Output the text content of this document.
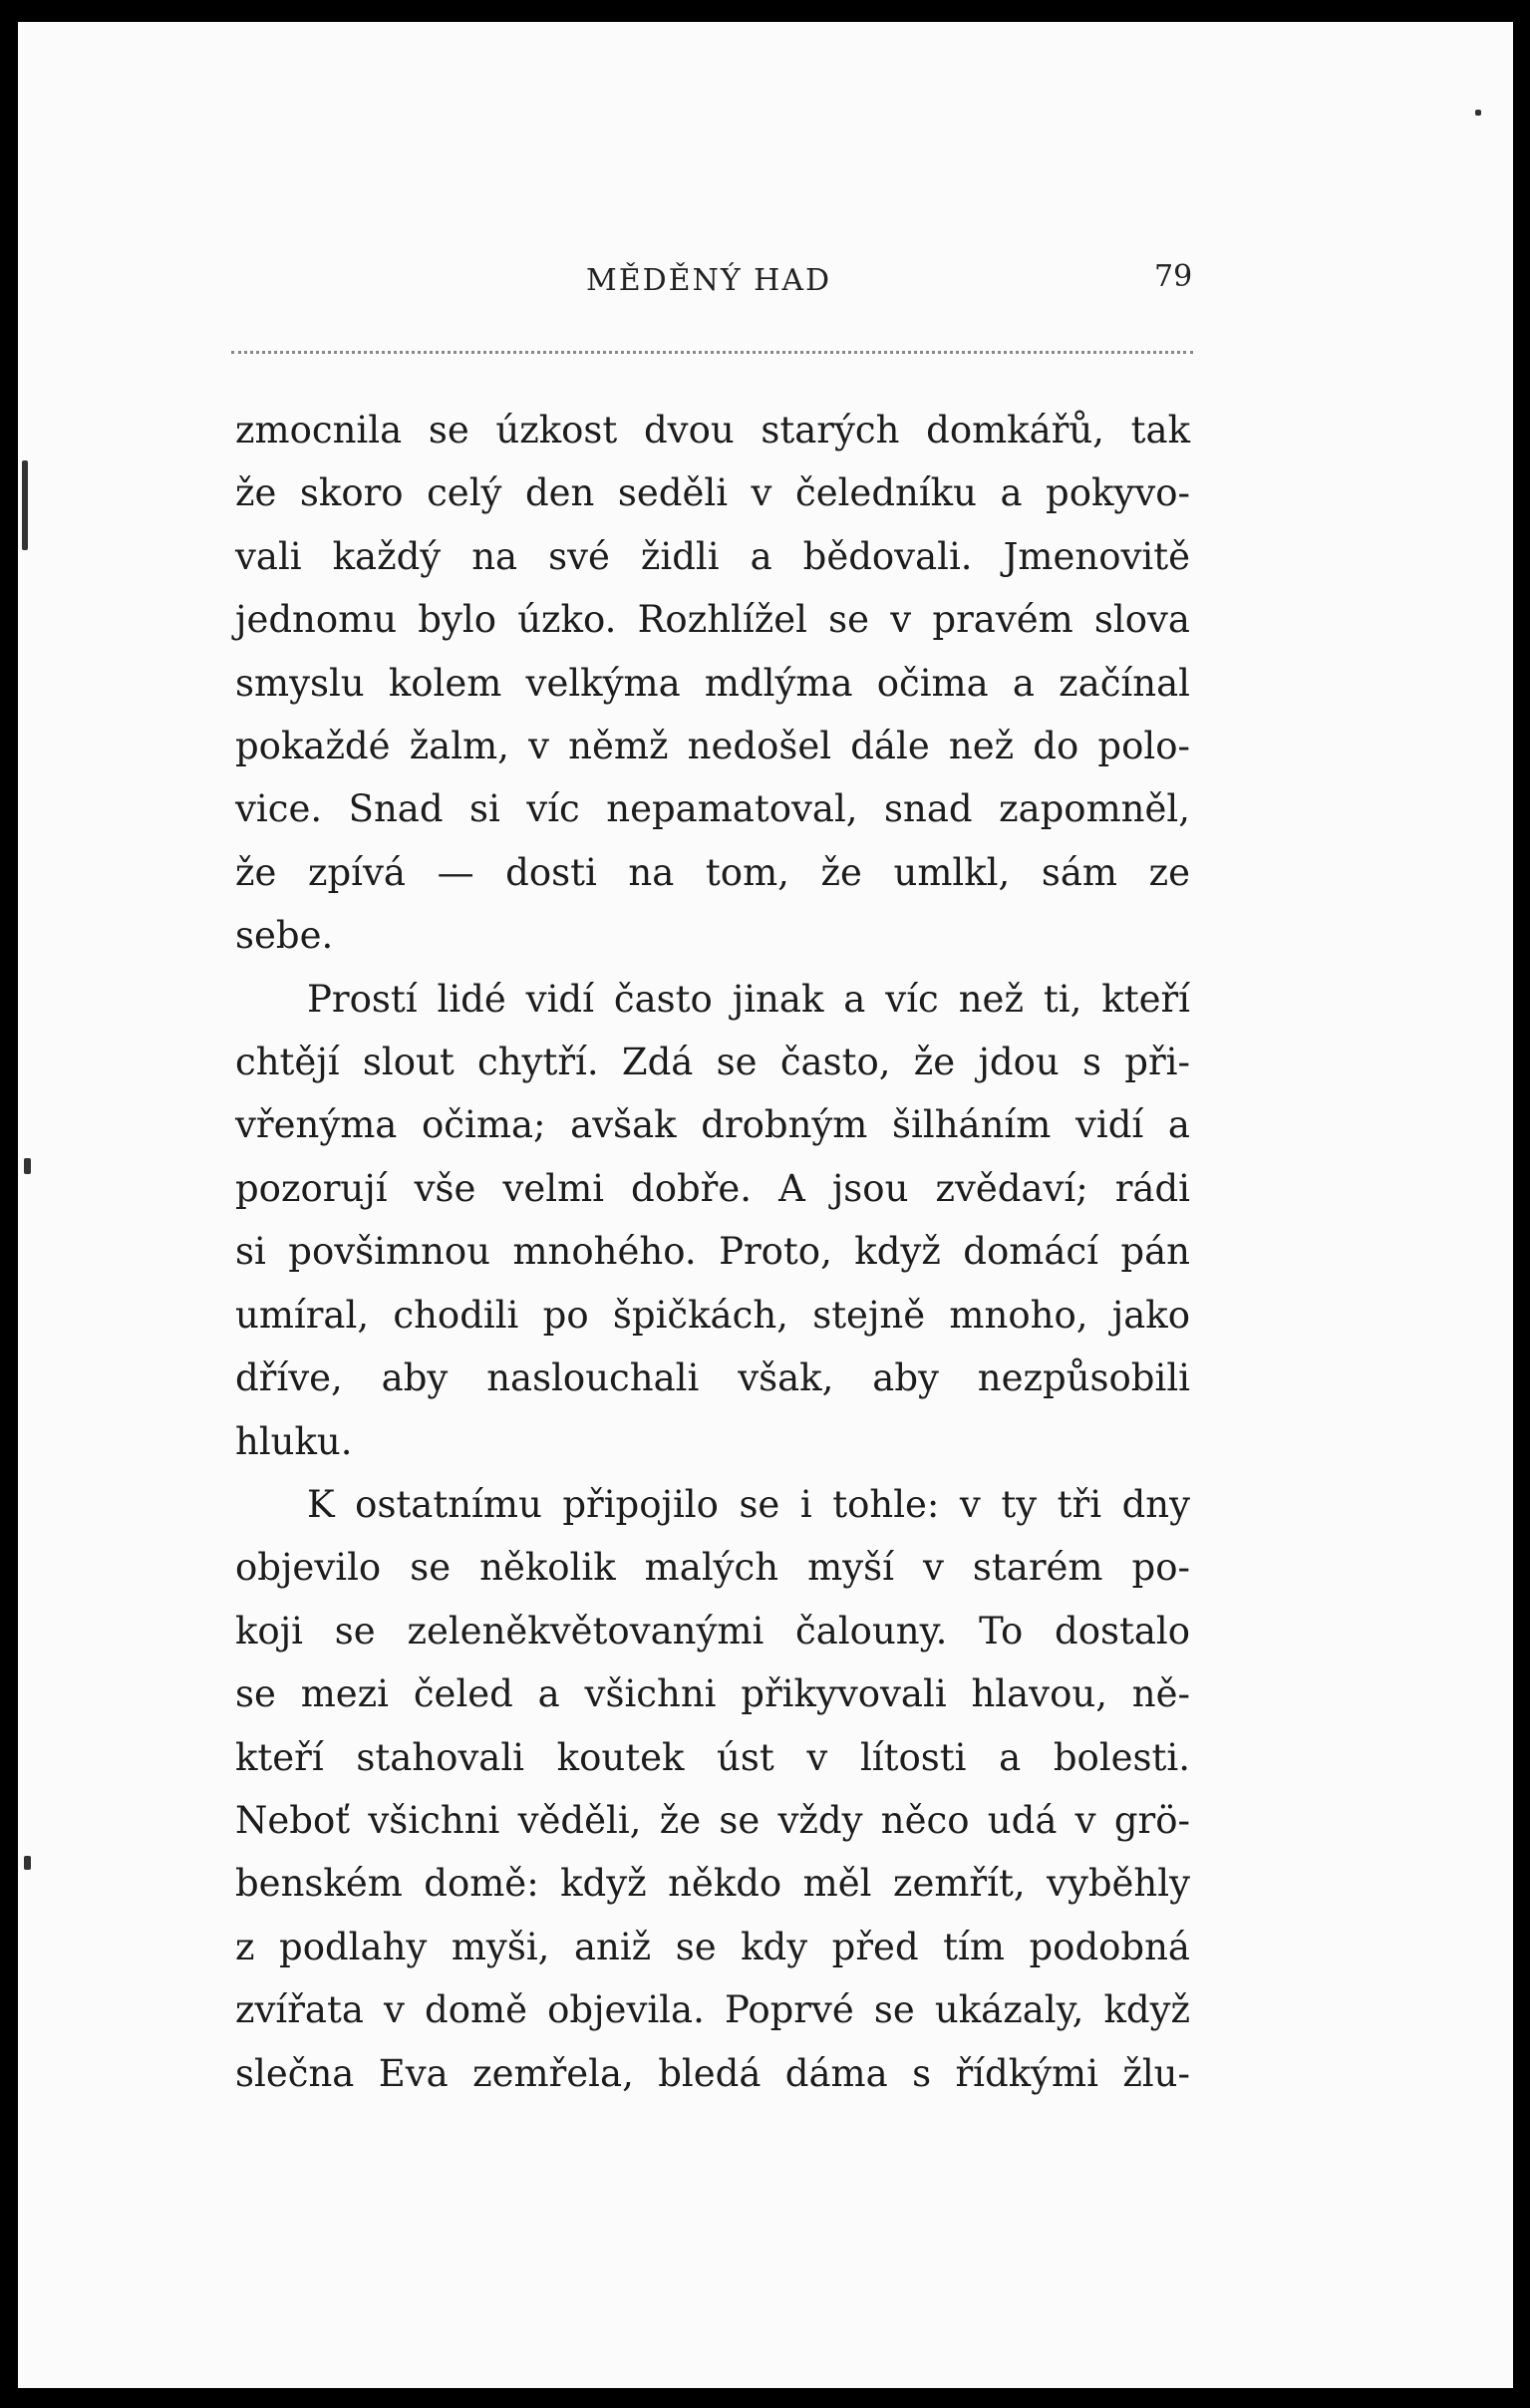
MĚDĚNÝ HAD	79

zmocnila se úzkost dvou starých domkářů, tak
že skoro celý den seděli v čeledníku a pokyvo-
vali každý na své židli a bědovali. Jmenovitě
jednomu bylo úzko. Rozhlížel se v pravém slova
smyslu kolem velkýma mdlýma očima a začínal
pokaždé žalm, v němž nedošel dále než do polo-
vice. Snad si víc nepamatoval, snad zapomněl,
že zpívá — dosti na tom, že umlkl, sám ze
sebe.

Prostí lidé vidí často jinak a víc než ti, kteří
chtějí slout chytří. Zdá se často, že jdou s při-
vřenýma očima; avšak drobným šilháním vidí a
pozorují vše velmi dobře. A jsou zvědaví; rádi
si povšimnou mnohého. Proto, když domácí pán
umíral, chodili po špičkách, stejně mnoho, jako
dříve, aby naslouchali však, aby nezpůsobili
hluku.

K ostatnímu připojilo se i tohle: v ty tři dny
objevilo se několik malých myší v starém po-
koji se zeleněkvětovanými čalouny. To dostalo
se mezi čeled a všichni přikyvovali hlavou, ně-
kteří stahovali koutek úst v lítosti a bolesti.
Neboť všichni věděli, že se vždy něco udá v grö-
benském domě: když někdo měl zemřít, vyběhly
z podlahy myši, aniž se kdy před tím podobná
zvířata v domě objevila. Poprvé se ukázaly, když
slečna Eva zemřela, bledá dáma s řídkými žlu-
